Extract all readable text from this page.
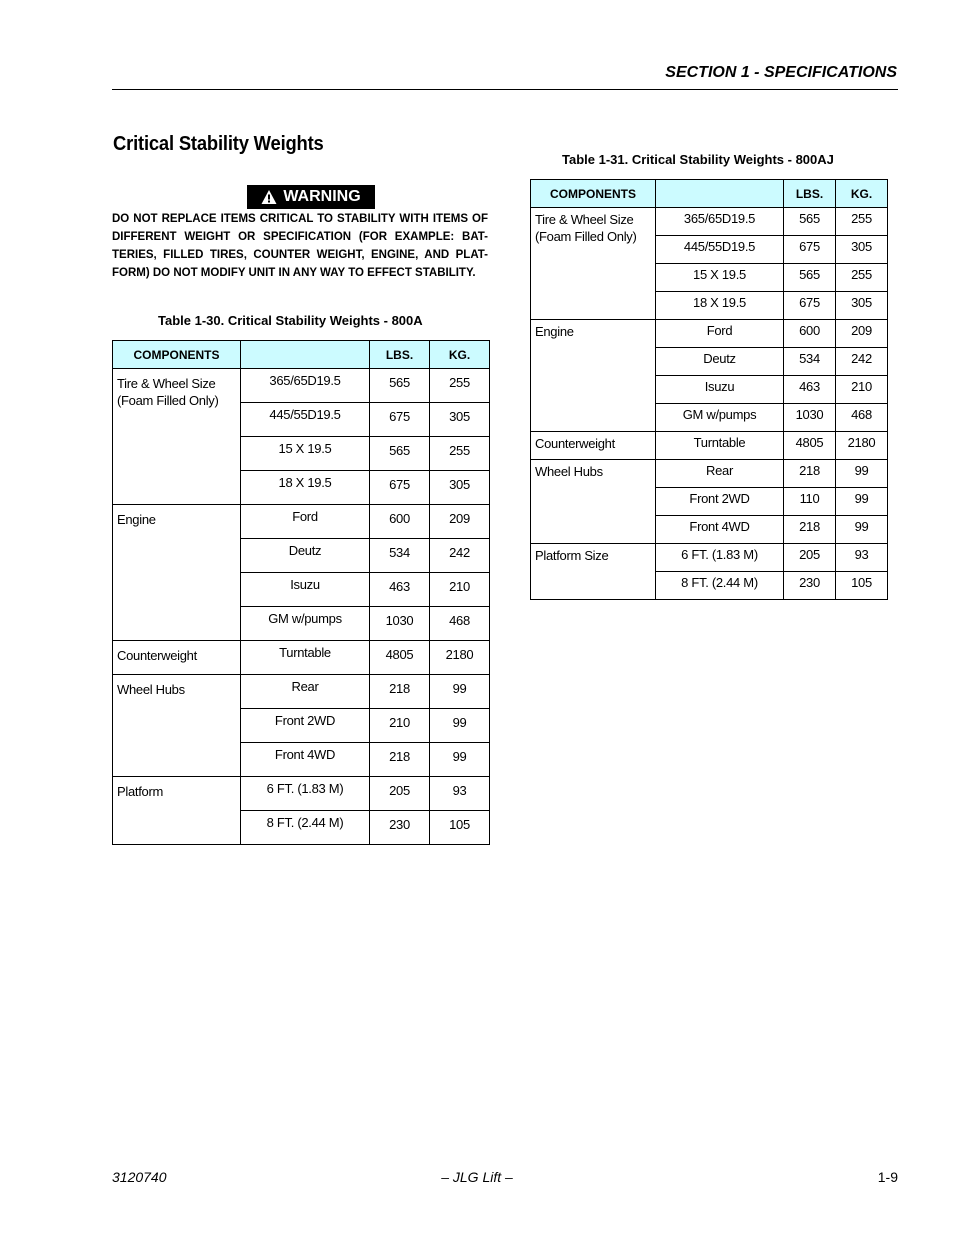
SECTION 1 - SPECIFICATIONS
Critical Stability Weights
WARNING
DO NOT REPLACE ITEMS CRITICAL TO STABILITY WITH ITEMS OF DIFFERENT WEIGHT OR SPECIFICATION (FOR EXAMPLE: BAT-TERIES, FILLED TIRES, COUNTER WEIGHT, ENGINE, AND PLAT-FORM) DO NOT MODIFY UNIT IN ANY WAY TO EFFECT STABILITY.
Table 1-30. Critical Stability Weights - 800A
COMPONENTS		LBS.	KG.
Tire & Wheel Size (Foam Filled Only)	365/65D19.5	565	255
	445/55D19.5	675	305
	15 X 19.5	565	255
	18 X 19.5	675	305
Engine	Ford	600	209
	Deutz	534	242
	Isuzu	463	210
	GM w/pumps	1030	468
Counterweight	Turntable	4805	2180
Wheel Hubs	Rear	218	99
	Front 2WD	210	99
	Front 4WD	218	99
Platform	6 FT. (1.83 M)	205	93
	8 FT. (2.44 M)	230	105
Table 1-31. Critical Stability Weights - 800AJ
COMPONENTS		LBS.	KG.
Tire & Wheel Size (Foam Filled Only)	365/65D19.5	565	255
	445/55D19.5	675	305
	15 X 19.5	565	255
	18 X 19.5	675	305
Engine	Ford	600	209
	Deutz	534	242
	Isuzu	463	210
	GM w/pumps	1030	468
Counterweight	Turntable	4805	2180
Wheel Hubs	Rear	218	99
	Front 2WD	110	99
	Front 4WD	218	99
Platform Size	6 FT. (1.83 M)	205	93
	8 FT. (2.44 M)	230	105
3120740	– JLG Lift –	1-9
